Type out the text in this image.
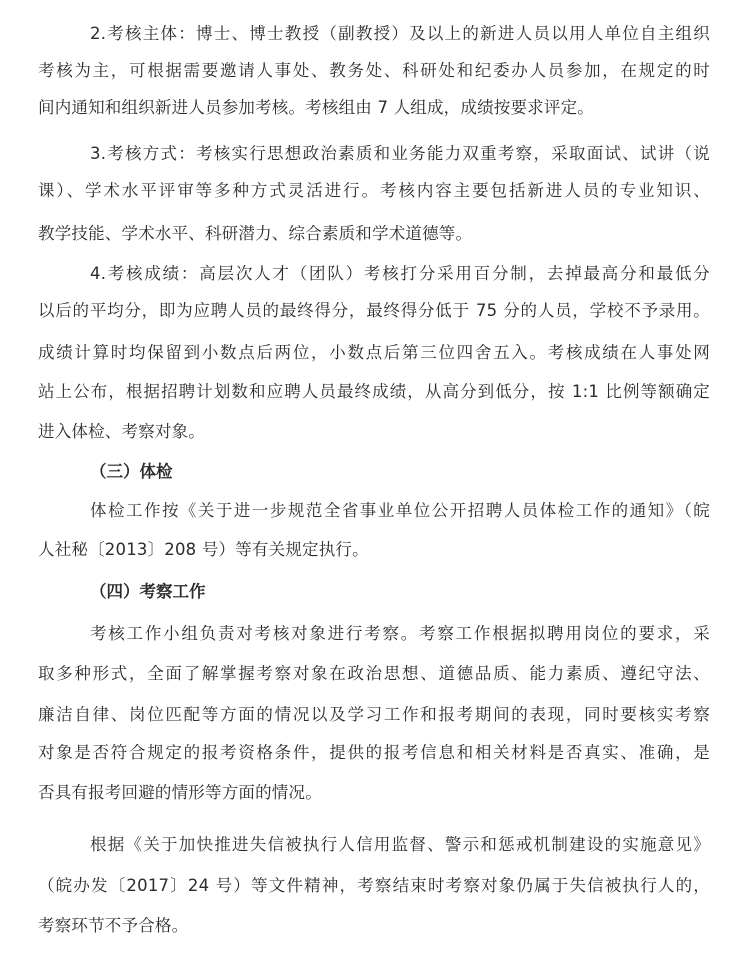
2.考核主体：博士、博士教授（副教授）及以上的新进人员以用人单位自主组织
考核为主，可根据需要邀请人事处、教务处、科研处和纪委办人员参加，在规定的时
间内通知和组织新进人员参加考核。考核组由 7 人组成，成绩按要求评定。
3.考核方式：考核实行思想政治素质和业务能力双重考察，采取面试、试讲（说
课）、学术水平评审等多种方式灵活进行。考核内容主要包括新进人员的专业知识、
教学技能、学术水平、科研潜力、综合素质和学术道德等。
4.考核成绩：高层次人才（团队）考核打分采用百分制，去掉最高分和最低分
以后的平均分，即为应聘人员的最终得分，最终得分低于 75 分的人员，学校不予录用。
成绩计算时均保留到小数点后两位，小数点后第三位四舍五入。考核成绩在人事处网
站上公布，根据招聘计划数和应聘人员最终成绩，从高分到低分，按 1:1 比例等额确定
进入体检、考察对象。
（三）体检
体检工作按《关于进一步规范全省事业单位公开招聘人员体检工作的通知》（皖
人社秘〔2013〕208 号）等有关规定执行。
（四）考察工作
考核工作小组负责对考核对象进行考察。考察工作根据拟聘用岗位的要求，采
取多种形式，全面了解掌握考察对象在政治思想、道德品质、能力素质、遵纪守法、
廉洁自律、岗位匹配等方面的情况以及学习工作和报考期间的表现，同时要核实考察
对象是否符合规定的报考资格条件，提供的报考信息和相关材料是否真实、准确，是
否具有报考回避的情形等方面的情况。
根据《关于加快推进失信被执行人信用监督、警示和惩戒机制建设的实施意见》
（皖办发〔2017〕24 号）等文件精神，考察结束时考察对象仍属于失信被执行人的，
考察环节不予合格。
